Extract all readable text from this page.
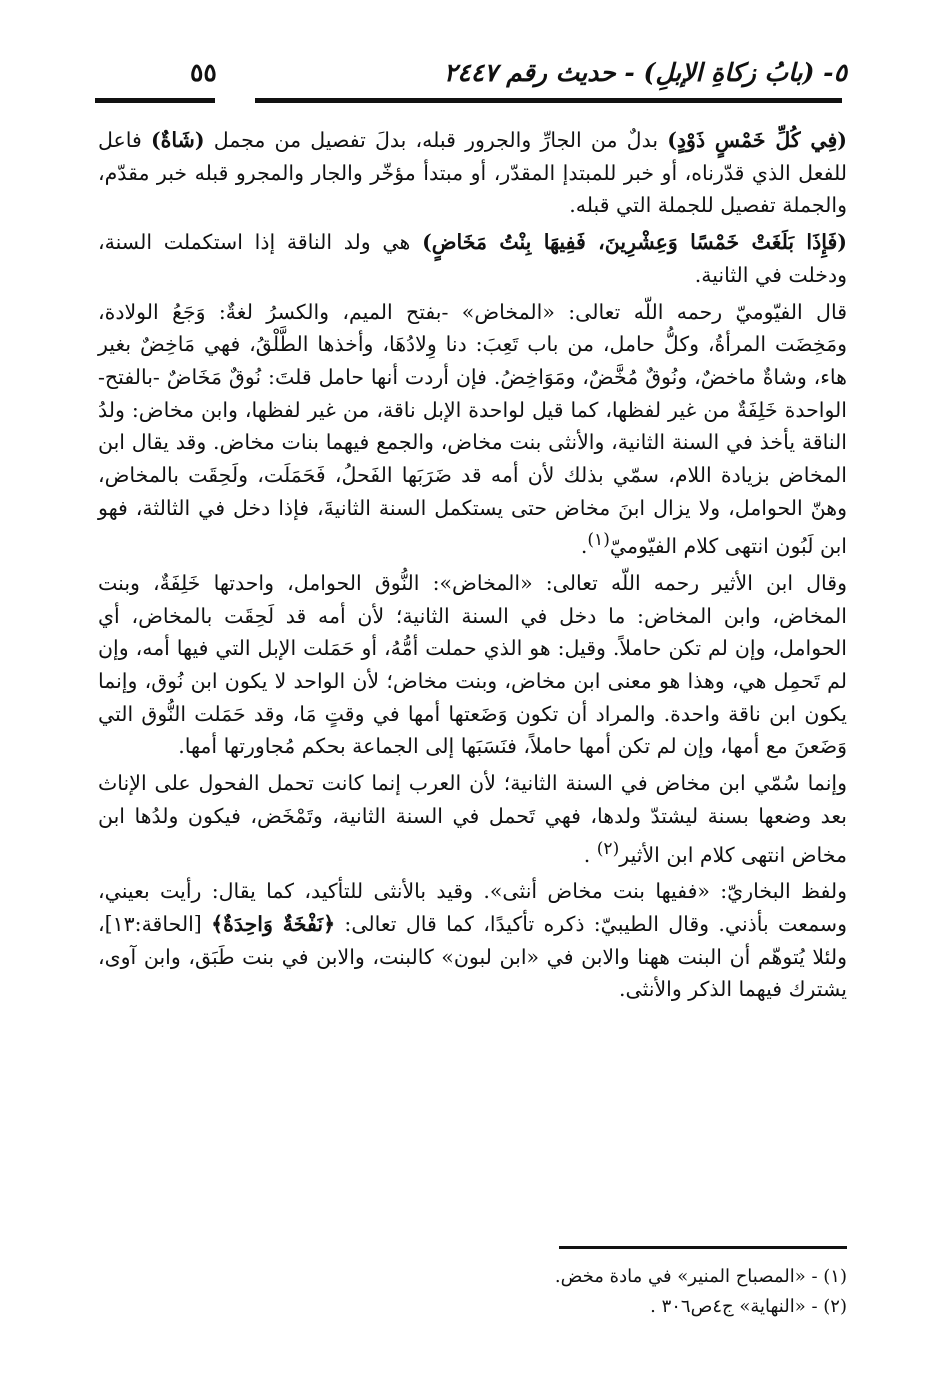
٥- (بابُ زكاةِ الإبلِ) - حديث رقم ٢٤٤٧
٥٥

(فِي كُلِّ خَمْسٍ ذَوْدٍ) بدلٌ من الجارِّ والجرور قبله، بدلَ تفصيل من مجمل (شَاةٌ) فاعل للفعل الذي قدّرناه، أو خبر للمبتدإ المقدّر، أو مبتدأ مؤخّر والجار والمجرو قبله خبر مقدّم، والجملة تفصيل للجملة التي قبله.

(فَإِذَا بَلَغَتْ خَمْسًا وَعِشْرِينَ، فَفِيهَا بِنْتُ مَخَاضٍ) هي ولد الناقة إذا استكملت السنة، ودخلت في الثانية.

قال الفيّوميّ رحمه اللّه تعالى: «المخاض» -بفتح الميم، والكسرُ لغةٌ: وَجَعُ الولادة، ومَخِضَت المرأةُ، وكلُّ حامل، من باب تَعِبَ: دنا وِلادُهَا، وأخذها الطَّلْقُ، فهي مَاخِضٌ بغير هاء، وشاةٌ ماخضٌ، ونُوقٌ مُخَّضٌ، ومَوَاخِضُ. فإن أردت أنها حامل قلتَ: نُوقٌ مَخَاضٌ -بالفتح- الواحدة خَلِفَةٌ من غير لفظها، كما قيل لواحدة الإبل ناقة، من غير لفظها، وابن مخاض: ولدُ الناقة يأخذ في السنة الثانية، والأنثى بنت مخاض، والجمع فيهما بنات مخاض. وقد يقال ابن المخاض بزيادة اللام، سمّي بذلك لأن أمه قد ضَرَبَها الفَحلُ، فَحَمَلَت، ولَحِقَت بالمخاض، وهنّ الحوامل، ولا يزال ابنَ مخاض حتى يستكمل السنة الثانيةَ، فإذا دخل في الثالثة، فهو ابن لَبُون انتهى كلام الفيّوميّ$^{(١)}$.

وقال ابن الأثير رحمه اللّه تعالى: «المخاض»: النُّوق الحوامل، واحدتها خَلِفَةٌ، وبنت المخاض، وابن المخاض: ما دخل في السنة الثانية؛ لأن أمه قد لَحِقَت بالمخاض، أي الحوامل، وإن لم تكن حاملاً. وقيل: هو الذي حملت أمُّهُ، أو حَمَلت الإبل التي فيها أمه، وإن لم تَحمِل هي، وهذا هو معنى ابن مخاض، وبنت مخاض؛ لأن الواحد لا يكون ابن نُوق، وإنما يكون ابن ناقة واحدة. والمراد أن تكون وَضَعتها أمها في وقتٍ مَا، وقد حَمَلت النُّوق التي وَضَعنَ مع أمها، وإن لم تكن أمها حاملاً، فنَسَبَها إلى الجماعة بحكم مُجاورتها أمها.

وإنما سُمّي ابن مخاض في السنة الثانية؛ لأن العرب إنما كانت تحمل الفحول على الإناث بعد وضعها بسنة ليشتدّ ولدها، فهي تَحمل في السنة الثانية، وتَمْخَض، فيكون ولدُها ابن مخاض انتهى كلام ابن الأثير$^{(٢)}$ .

ولفظ البخاريّ: «ففيها بنت مخاض أنثى». وقيد بالأنثى للتأكيد، كما يقال: رأيت بعيني، وسمعت بأذني. وقال الطيبيّ: ذكره تأكيدًا، كما قال تعالى: ﴿نَفْخَةٌ وَاحِدَةٌ﴾ [الحاقة:١٣]، ولئلا يُتوهّم أن البنت ههنا والابن في «ابن لبون» كالبنت، والابن في بنت طَبَق، وابن آوى، يشترك فيهما الذكر والأنثى.

(١) - «المصباح المنير» في مادة مخض.

(٢) - «النهاية» ج٤ص٣٠٦ .
